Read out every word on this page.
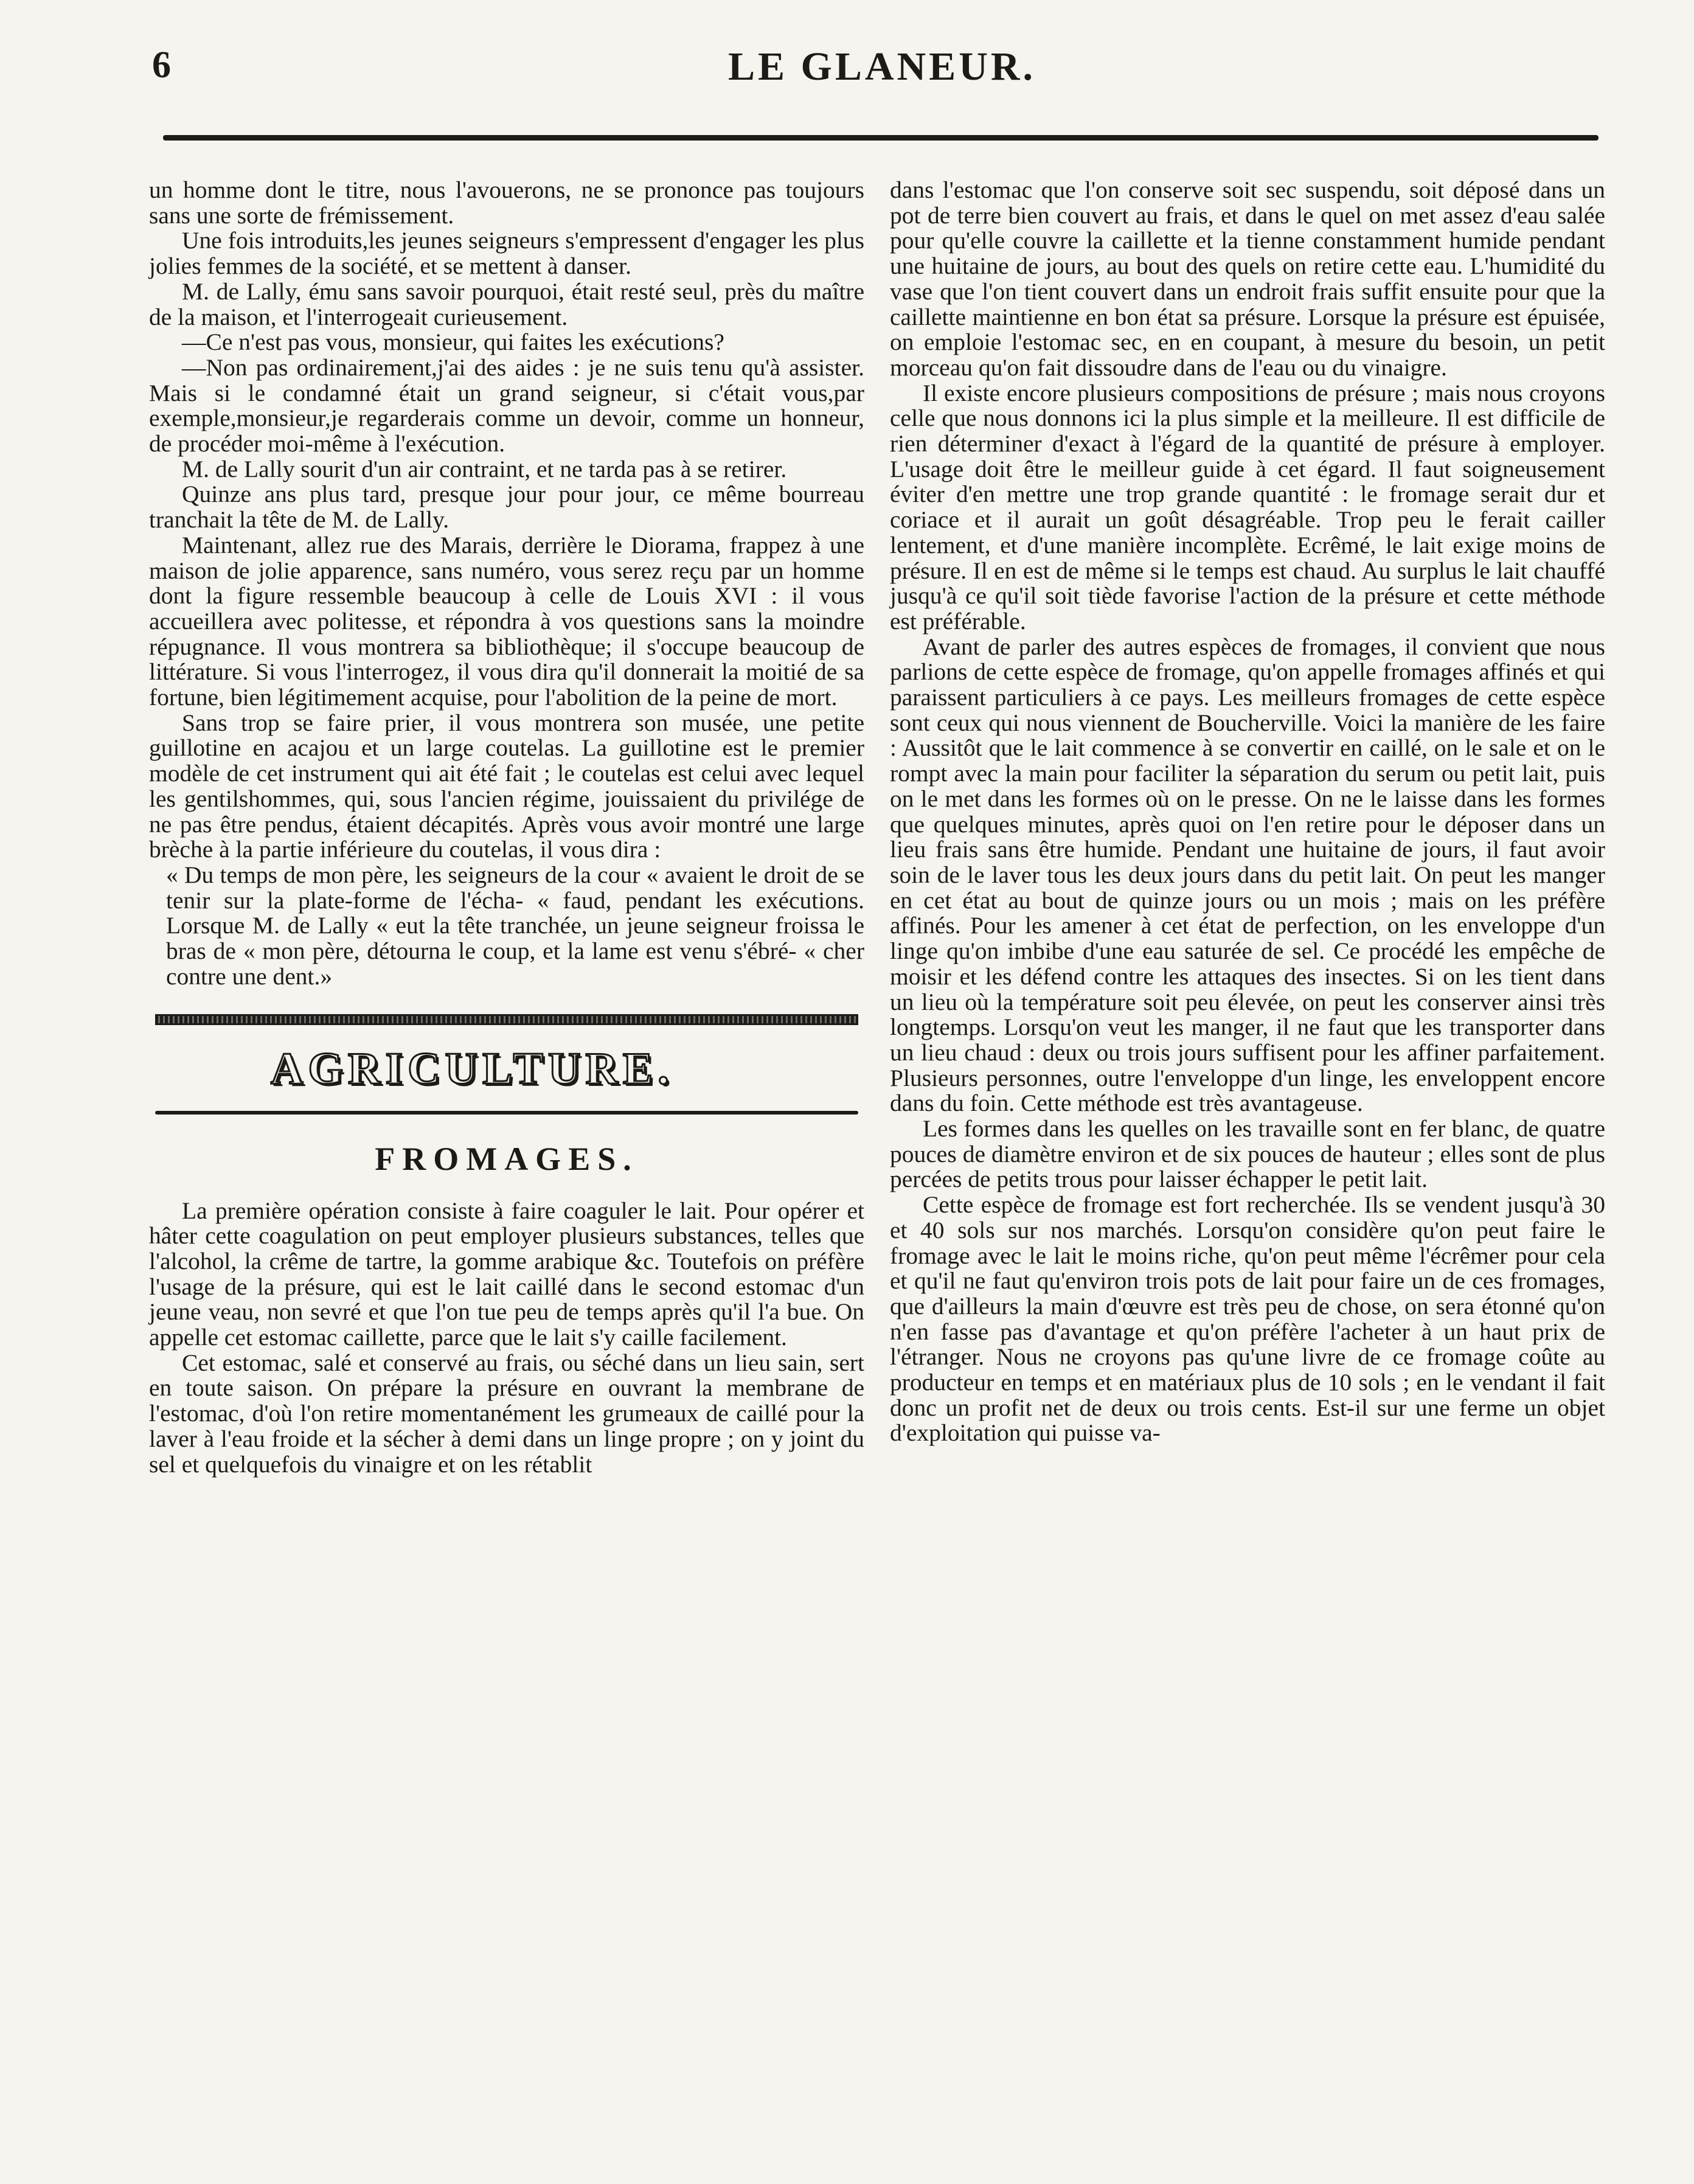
6	LE GLANEUR.

un homme dont le titre, nous l'avouerons, ne se prononce pas toujours sans une sorte de frémissement.

Une fois introduits,les jeunes seigneurs s'empressent d'engager les plus jolies femmes de la société, et se mettent à danser.

M. de Lally, ému sans savoir pourquoi, était resté seul, près du maître de la maison, et l'interrogeait curieusement.

—Ce n'est pas vous, monsieur, qui faites les exécutions?

—Non pas ordinairement,j'ai des aides : je ne suis tenu qu'à assister. Mais si le condamné était un grand seigneur, si c'était vous,par exemple,monsieur,je regarderais comme un devoir, comme un honneur, de procéder moi-même à l'exécution.

M. de Lally sourit d'un air contraint, et ne tarda pas à se retirer.

Quinze ans plus tard, presque jour pour jour, ce même bourreau tranchait la tête de M. de Lally.

Maintenant, allez rue des Marais, derrière le Diorama, frappez à une maison de jolie apparence, sans numéro, vous serez reçu par un homme dont la figure ressemble beaucoup à celle de Louis XVI : il vous accueillera avec politesse, et répondra à vos questions sans la moindre répugnance. Il vous montrera sa bibliothèque; il s'occupe beaucoup de littérature. Si vous l'interrogez, il vous dira qu'il donnerait la moitié de sa fortune, bien légitimement acquise, pour l'abolition de la peine de mort.

Sans trop se faire prier, il vous montrera son musée, une petite guillotine en acajou et un large coutelas. La guillotine est le premier modèle de cet instrument qui ait été fait ; le coutelas est celui avec lequel les gentilshommes, qui, sous l'ancien régime, jouissaient du privilége de ne pas être pendus, étaient décapités. Après vous avoir montré une large brèche à la partie inférieure du coutelas, il vous dira :

« Du temps de mon père, les seigneurs de la cour « avaient le droit de se tenir sur la plate-forme de l'écha- « faud, pendant les exécutions. Lorsque M. de Lally « eut la tête tranchée, un jeune seigneur froissa le bras de « mon père, détourna le coup, et la lame est venu s'ébré- « cher contre une dent.»

AGRICULTURE.
FROMAGES.

La première opération consiste à faire coaguler le lait. Pour opérer et hâter cette coagulation on peut employer plusieurs substances, telles que l'alcohol, la crême de tartre, la gomme arabique &c. Toutefois on préfère l'usage de la présure, qui est le lait caillé dans le second estomac d'un jeune veau, non sevré et que l'on tue peu de temps après qu'il l'a bue. On appelle cet estomac caillette, parce que le lait s'y caille facilement.

Cet estomac, salé et conservé au frais, ou séché dans un lieu sain, sert en toute saison. On prépare la présure en ouvrant la membrane de l'estomac, d'où l'on retire momentanément les grumeaux de caillé pour la laver à l'eau froide et la sécher à demi dans un linge propre ; on y joint du sel et quelquefois du vinaigre et on les rétablit

dans l'estomac que l'on conserve soit sec suspendu, soit déposé dans un pot de terre bien couvert au frais, et dans le quel on met assez d'eau salée pour qu'elle couvre la caillette et la tienne constamment humide pendant une huitaine de jours, au bout des quels on retire cette eau. L'humidité du vase que l'on tient couvert dans un endroit frais suffit ensuite pour que la caillette maintienne en bon état sa présure. Lorsque la présure est épuisée, on emploie l'estomac sec, en en coupant, à mesure du besoin, un petit morceau qu'on fait dissoudre dans de l'eau ou du vinaigre.

Il existe encore plusieurs compositions de présure ; mais nous croyons celle que nous donnons ici la plus simple et la meilleure. Il est difficile de rien déterminer d'exact à l'égard de la quantité de présure à employer. L'usage doit être le meilleur guide à cet égard. Il faut soigneusement éviter d'en mettre une trop grande quantité : le fromage serait dur et coriace et il aurait un goût désagréable. Trop peu le ferait cailler lentement, et d'une manière incomplète. Ecrêmé, le lait exige moins de présure. Il en est de même si le temps est chaud. Au surplus le lait chauffé jusqu'à ce qu'il soit tiède favorise l'action de la présure et cette méthode est préférable.

Avant de parler des autres espèces de fromages, il convient que nous parlions de cette espèce de fromage, qu'on appelle fromages affinés et qui paraissent particuliers à ce pays. Les meilleurs fromages de cette espèce sont ceux qui nous viennent de Boucherville. Voici la manière de les faire : Aussitôt que le lait commence à se convertir en caillé, on le sale et on le rompt avec la main pour faciliter la séparation du serum ou petit lait, puis on le met dans les formes où on le presse. On ne le laisse dans les formes que quelques minutes, après quoi on l'en retire pour le déposer dans un lieu frais sans être humide. Pendant une huitaine de jours, il faut avoir soin de le laver tous les deux jours dans du petit lait. On peut les manger en cet état au bout de quinze jours ou un mois ; mais on les préfère affinés. Pour les amener à cet état de perfection, on les enveloppe d'un linge qu'on imbibe d'une eau saturée de sel. Ce procédé les empêche de moisir et les défend contre les attaques des insectes. Si on les tient dans un lieu où la température soit peu élevée, on peut les conserver ainsi très longtemps. Lorsqu'on veut les manger, il ne faut que les transporter dans un lieu chaud : deux ou trois jours suffisent pour les affiner parfaitement. Plusieurs personnes, outre l'enveloppe d'un linge, les enveloppent encore dans du foin. Cette méthode est très avantageuse.

Les formes dans les quelles on les travaille sont en fer blanc, de quatre pouces de diamètre environ et de six pouces de hauteur ; elles sont de plus percées de petits trous pour laisser échapper le petit lait.

Cette espèce de fromage est fort recherchée. Ils se vendent jusqu'à 30 et 40 sols sur nos marchés. Lorsqu'on considère qu'on peut faire le fromage avec le lait le moins riche, qu'on peut même l'écrêmer pour cela et qu'il ne faut qu'environ trois pots de lait pour faire un de ces fromages, que d'ailleurs la main d'œuvre est très peu de chose, on sera étonné qu'on n'en fasse pas d'avantage et qu'on préfère l'acheter à un haut prix de l'étranger. Nous ne croyons pas qu'une livre de ce fromage coûte au producteur en temps et en matériaux plus de 10 sols ; en le vendant il fait donc un profit net de deux ou trois cents. Est-il sur une ferme un objet d'exploitation qui puisse va-
